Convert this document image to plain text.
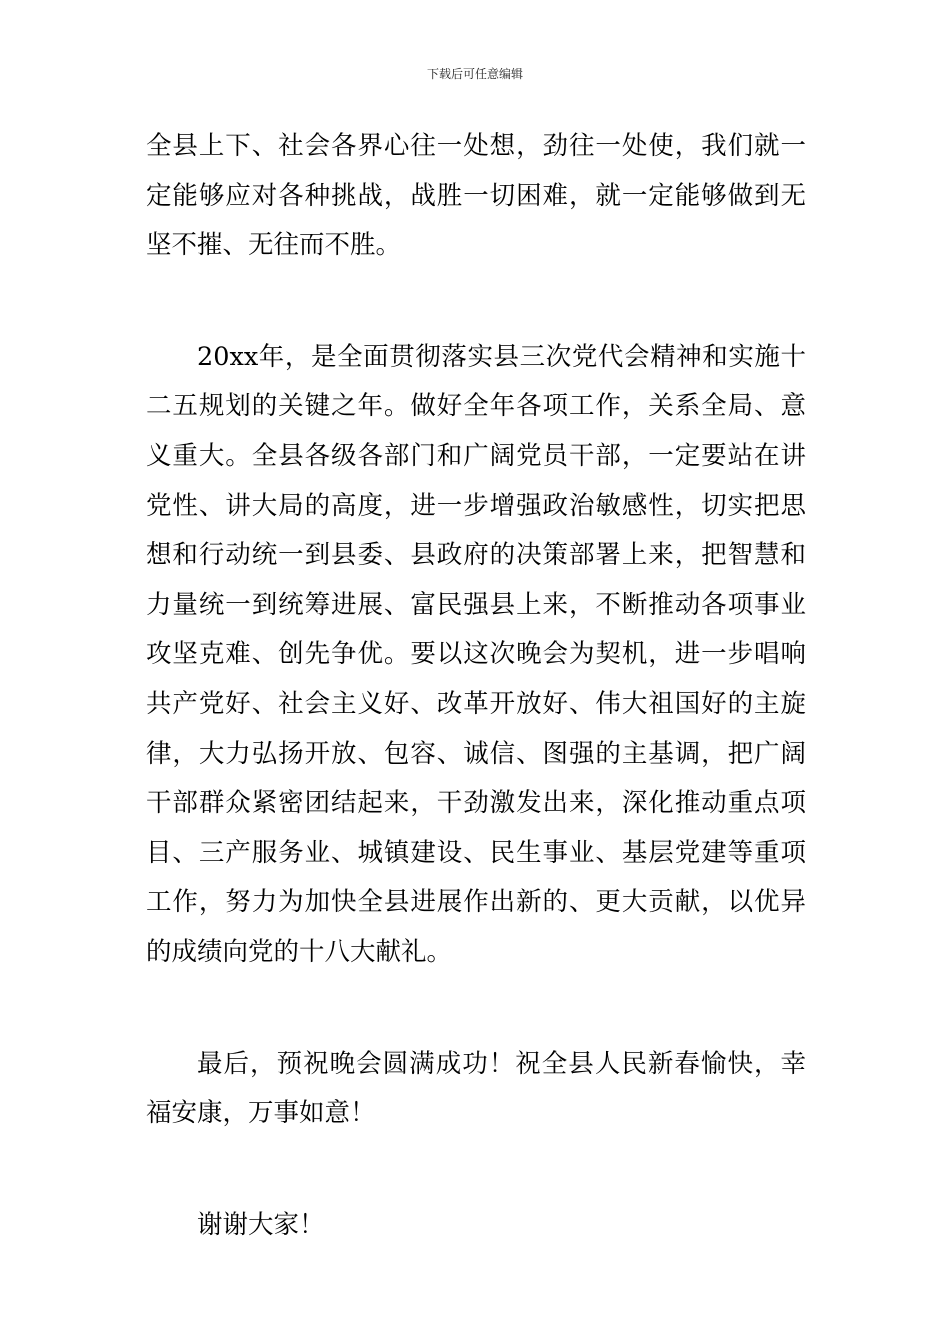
下载后可任意编辑

全县上下、社会各界心往一处想，劲往一处使，我们就一定能够应对各种挑战，战胜一切困难，就一定能够做到无坚不摧、无往而不胜。

20xx年，是全面贯彻落实县三次党代会精神和实施十二五规划的关键之年。做好全年各项工作，关系全局、意义重大。全县各级各部门和广阔党员干部，一定要站在讲党性、讲大局的高度，进一步增强政治敏感性，切实把思想和行动统一到县委、县政府的决策部署上来，把智慧和力量统一到统筹进展、富民强县上来，不断推动各项事业攻坚克难、创先争优。要以这次晚会为契机，进一步唱响共产党好、社会主义好、改革开放好、伟大祖国好的主旋律，大力弘扬开放、包容、诚信、图强的主基调，把广阔干部群众紧密团结起来，干劲激发出来，深化推动重点项目、三产服务业、城镇建设、民生事业、基层党建等重项工作，努力为加快全县进展作出新的、更大贡献，以优异的成绩向党的十八大献礼。

最后，预祝晚会圆满成功！祝全县人民新春愉快，幸福安康，万事如意！

谢谢大家！
